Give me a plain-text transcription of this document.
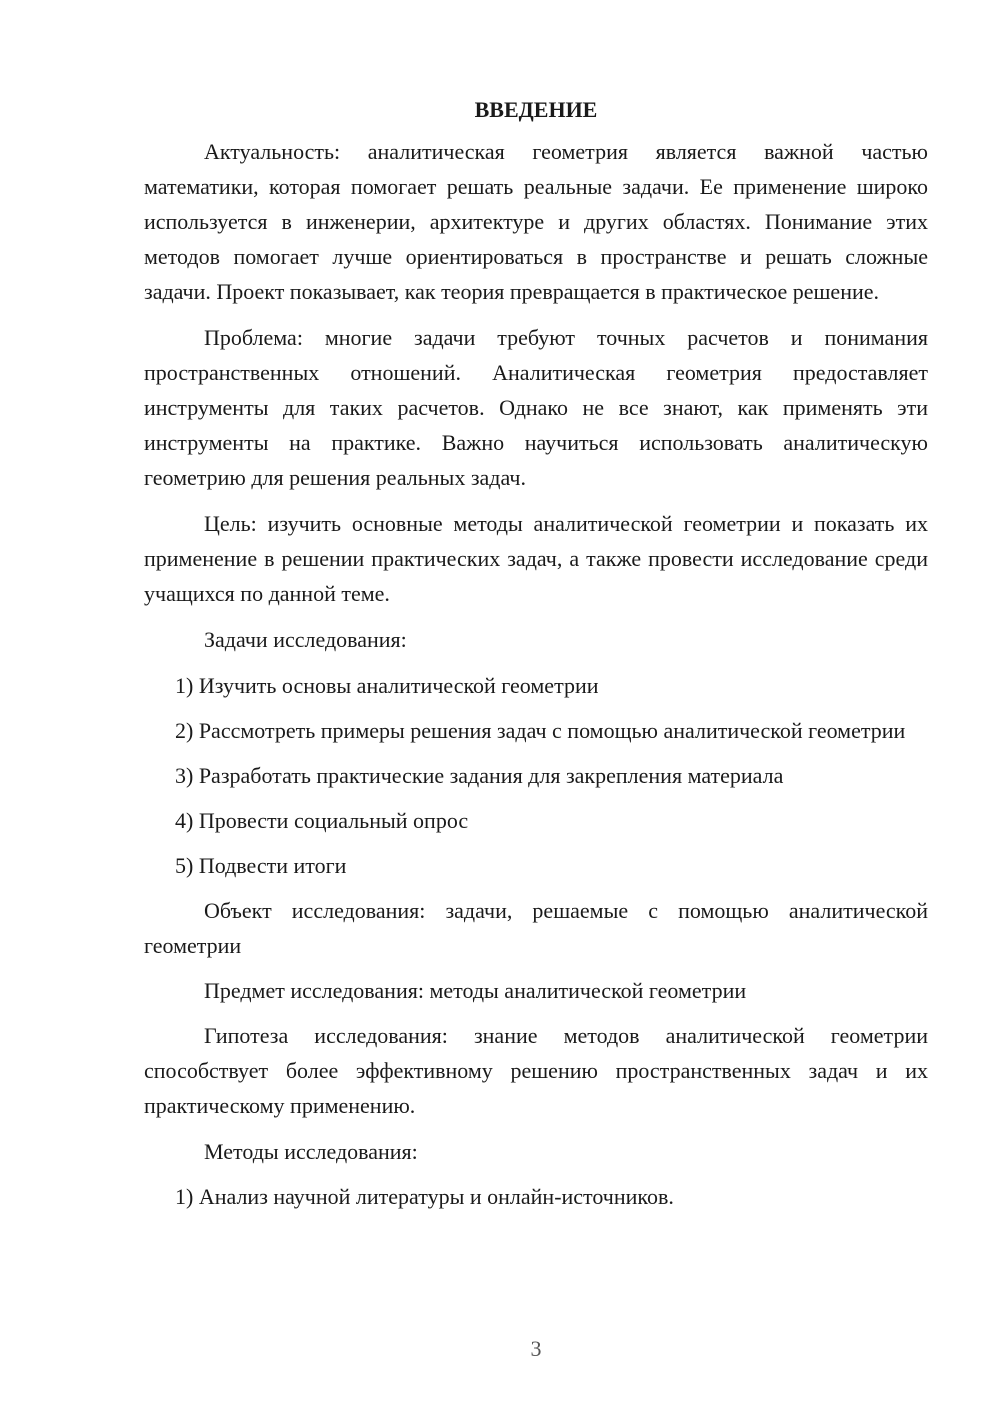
ВВЕДЕНИЕ

Актуальность: аналитическая геометрия является важной частью математики, которая помогает решать реальные задачи. Ее применение широко используется в инженерии, архитектуре и других областях. Понимание этих методов помогает лучше ориентироваться в пространстве и решать сложные задачи. Проект показывает, как теория превращается в практическое решение.

Проблема: многие задачи требуют точных расчетов и понимания пространственных отношений. Аналитическая геометрия предоставляет инструменты для таких расчетов. Однако не все знают, как применять эти инструменты на практике. Важно научиться использовать аналитическую геометрию для решения реальных задач.

Цель: изучить основные методы аналитической геометрии и показать их применение в решении практических задач, а также провести исследование среди учащихся по данной теме.

Задачи исследования:

1) Изучить основы аналитической геометрии

2) Рассмотреть примеры решения задач с помощью аналитической геометрии

3) Разработать практические задания для закрепления материала

4) Провести социальный опрос

5) Подвести итоги

Объект исследования: задачи, решаемые с помощью аналитической геометрии

Предмет исследования: методы аналитической геометрии

Гипотеза исследования: знание методов аналитической геометрии способствует более эффективному решению пространственных задач и их практическому применению.

Методы исследования:

1) Анализ научной литературы и онлайн-источников.

3
